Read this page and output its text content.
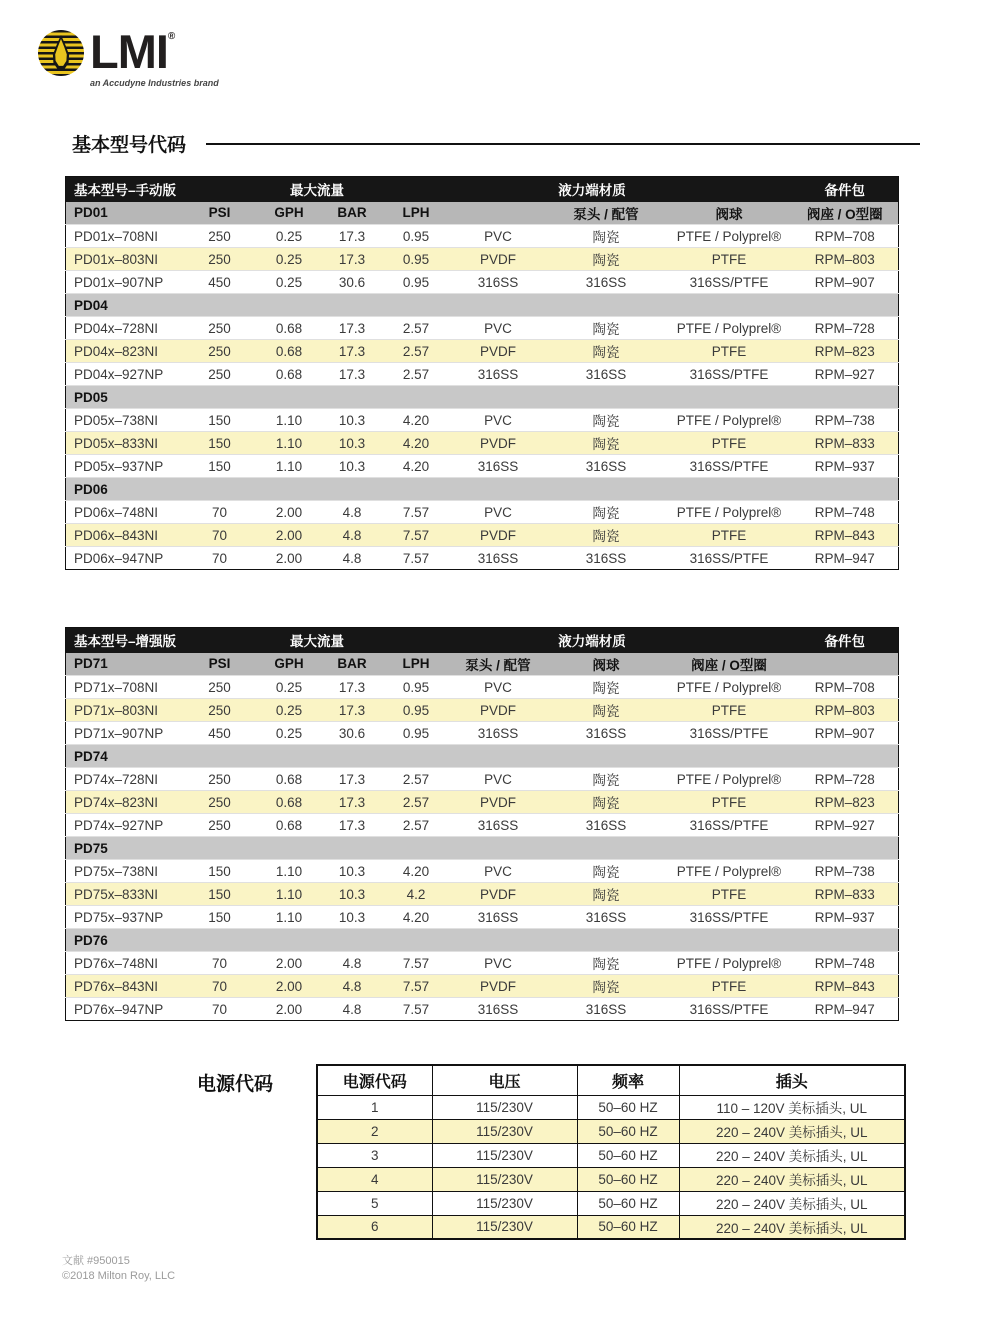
LMI®
an Accudyne Industries brand
基本型号代码
基本型号–手动版	最大流量				液力端材质			备件包
PD01	PSI	GPH	BAR	LPH		泵头 / 配管	阀球	阀座 / O型圈
PD01x–708NI	250	0.25	17.3	0.95	PVC	陶瓷	PTFE / Polyprel®	RPM–708
PD01x–803NI	250	0.25	17.3	0.95	PVDF	陶瓷	PTFE	RPM–803
PD01x–907NP	450	0.25	30.6	0.95	316SS	316SS	316SS/PTFE	RPM–907
PD04								
PD04x–728NI	250	0.68	17.3	2.57	PVC	陶瓷	PTFE / Polyprel®	RPM–728
PD04x–823NI	250	0.68	17.3	2.57	PVDF	陶瓷	PTFE	RPM–823
PD04x–927NP	250	0.68	17.3	2.57	316SS	316SS	316SS/PTFE	RPM–927
PD05								
PD05x–738NI	150	1.10	10.3	4.20	PVC	陶瓷	PTFE / Polyprel®	RPM–738
PD05x–833NI	150	1.10	10.3	4.20	PVDF	陶瓷	PTFE	RPM–833
PD05x–937NP	150	1.10	10.3	4.20	316SS	316SS	316SS/PTFE	RPM–937
PD06								
PD06x–748NI	70	2.00	4.8	7.57	PVC	陶瓷	PTFE / Polyprel®	RPM–748
PD06x–843NI	70	2.00	4.8	7.57	PVDF	陶瓷	PTFE	RPM–843
PD06x–947NP	70	2.00	4.8	7.57	316SS	316SS	316SS/PTFE	RPM–947
基本型号–增强版	最大流量				液力端材质			备件包
PD71	PSI	GPH	BAR	LPH	泵头 / 配管	阀球	阀座 / O型圈	
PD71x–708NI	250	0.25	17.3	0.95	PVC	陶瓷	PTFE / Polyprel®	RPM–708
PD71x–803NI	250	0.25	17.3	0.95	PVDF	陶瓷	PTFE	RPM–803
PD71x–907NP	450	0.25	30.6	0.95	316SS	316SS	316SS/PTFE	RPM–907
PD74								
PD74x–728NI	250	0.68	17.3	2.57	PVC	陶瓷	PTFE / Polyprel®	RPM–728
PD74x–823NI	250	0.68	17.3	2.57	PVDF	陶瓷	PTFE	RPM–823
PD74x–927NP	250	0.68	17.3	2.57	316SS	316SS	316SS/PTFE	RPM–927
PD75								
PD75x–738NI	150	1.10	10.3	4.20	PVC	陶瓷	PTFE / Polyprel®	RPM–738
PD75x–833NI	150	1.10	10.3	4.2	PVDF	陶瓷	PTFE	RPM–833
PD75x–937NP	150	1.10	10.3	4.20	316SS	316SS	316SS/PTFE	RPM–937
PD76								
PD76x–748NI	70	2.00	4.8	7.57	PVC	陶瓷	PTFE / Polyprel®	RPM–748
PD76x–843NI	70	2.00	4.8	7.57	PVDF	陶瓷	PTFE	RPM–843
PD76x–947NP	70	2.00	4.8	7.57	316SS	316SS	316SS/PTFE	RPM–947
电源代码	电源代码	电压	频率	插头
1	115/230V	50–60 HZ	110 – 120V 美标插头, UL
2	115/230V	50–60 HZ	220 – 240V 美标插头, UL
3	115/230V	50–60 HZ	220 – 240V 美标插头, UL
4	115/230V	50–60 HZ	220 – 240V 美标插头, UL
5	115/230V	50–60 HZ	220 – 240V 美标插头, UL
6	115/230V	50–60 HZ	220 – 240V 美标插头, UL
文献 #950015
©2018 Milton Roy, LLC
